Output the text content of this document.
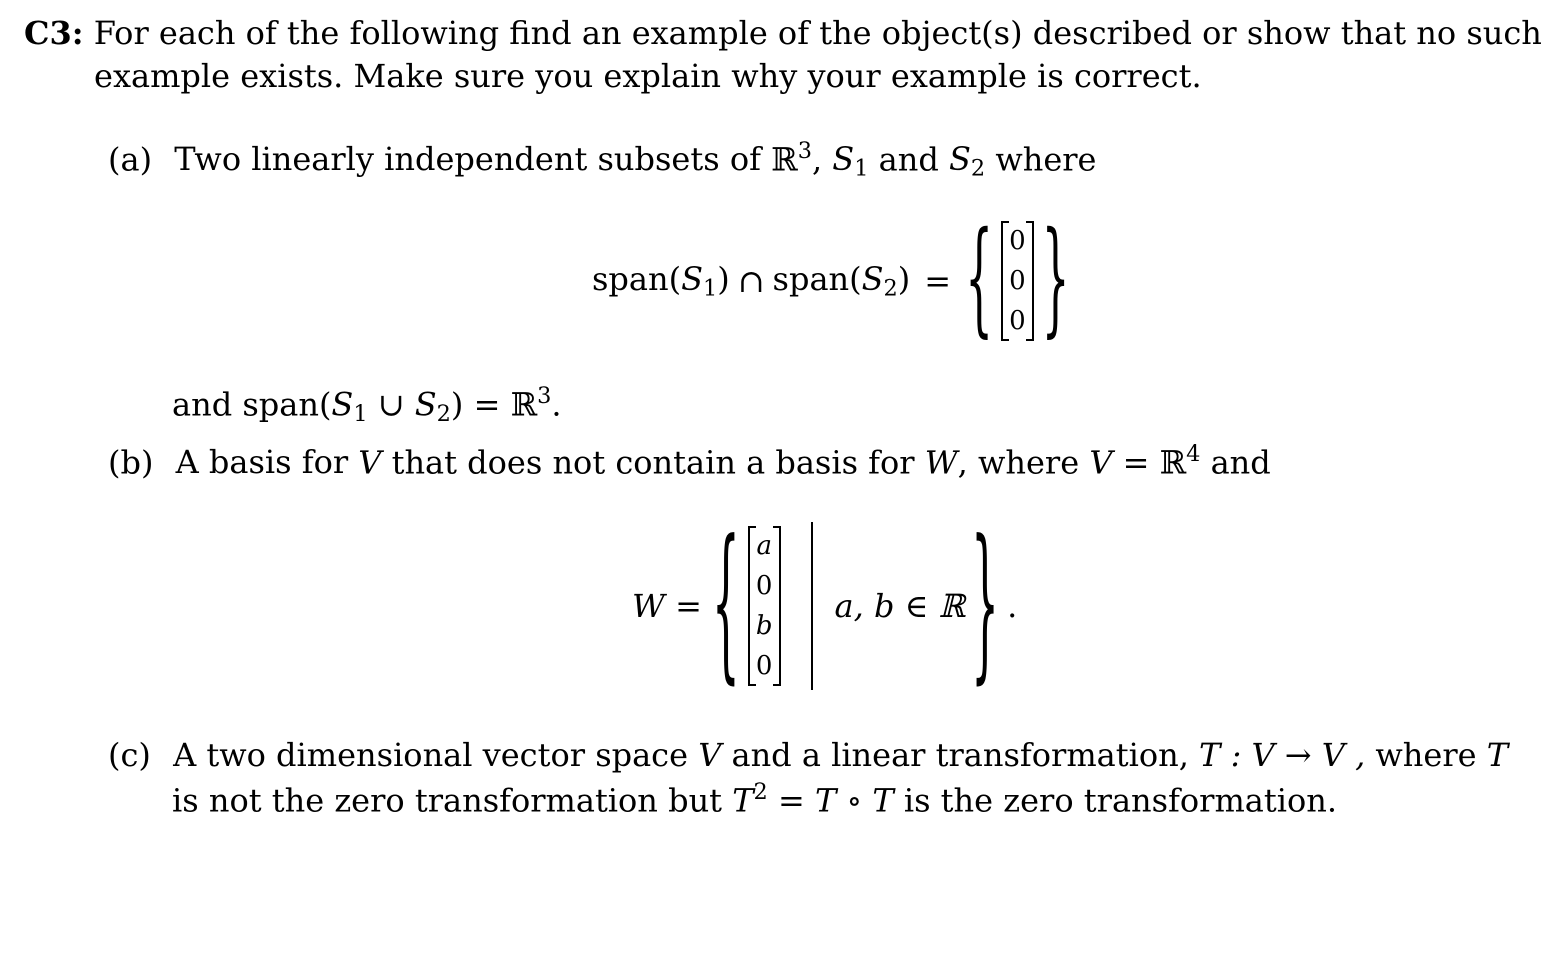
C3: For each of the following find an example of the object(s) described or show that no such
example exists. Make sure you explain why your example is correct.
(a) Two linearly independent subsets of ℝ$^3$, $S_1$ and $S_2$ where
$span(S_1)$ ∩ $span(S_2)$ = { 0
0
0 }
and $span(S_1$ ∪ $S_2$) = ℝ$^3$.
(b) A basis for V that does not contain a basis for W, where V = ℝ$^4$ and
W = { a
0
b
0
a, b ∈ ℝ } .
(c) A two dimensional vector space V and a linear transformation, T : V → V , where T
is not the zero transformation but $T^2 = T$ ∘ T is the zero transformation.
